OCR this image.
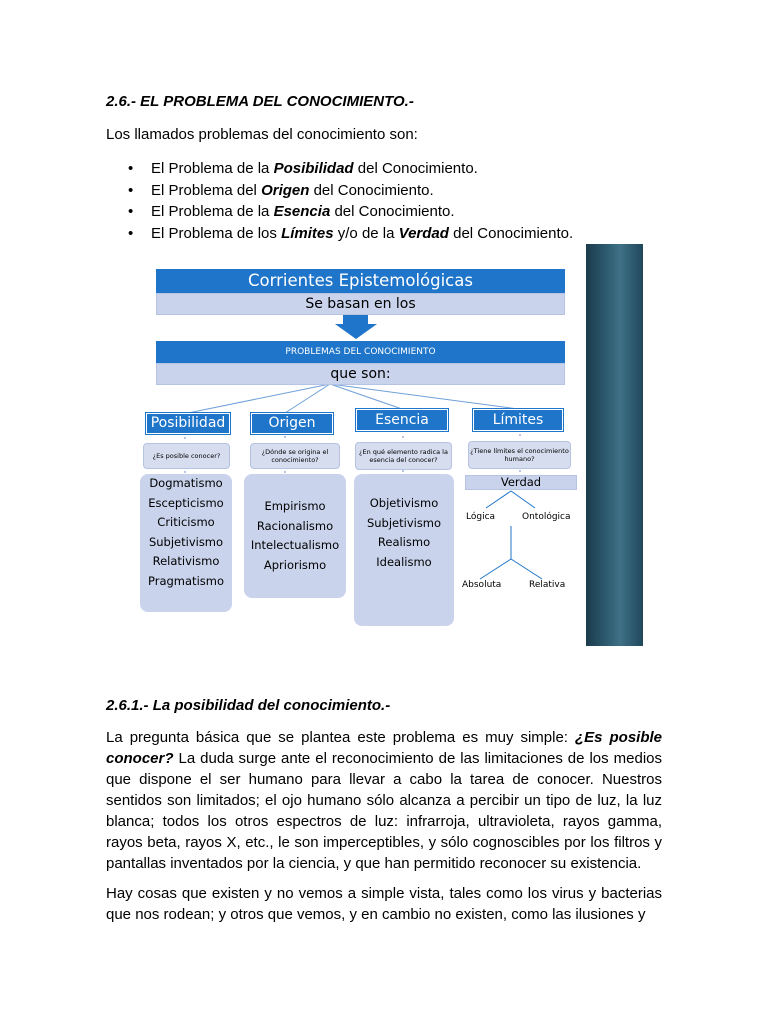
2.6.- EL PROBLEMA DEL CONOCIMIENTO.-
Los llamados problemas del conocimiento son:
• El Problema de la Posibilidad del Conocimiento.
• El Problema del Origen del Conocimiento.
• El Problema de la Esencia del Conocimiento.
• El Problema de los Límites y/o de la Verdad del Conocimiento.
Corrientes Epistemológicas
Se basan en los
PROBLEMAS DEL CONOCIMIENTO
que son:
Posibilidad	Origen	Esencia	Límites
¿Es posible conocer?	¿Dónde se origina el conocimiento?
¿En qué elemento radica la esencia del conocer?
¿Tiene límites el conocimiento humano?
Dogmatismo
Escepticismo
Criticismo
Subjetivismo
Relativismo
Pragmatismo
Empirismo
Racionalismo
Intelectualismo
Apriorismo
Objetivismo
Subjetivismo
Realismo
Idealismo
Verdad
Lógica	Ontológica
Absoluta	Relativa
2.6.1.- La posibilidad del conocimiento.-
La pregunta básica que se plantea este problema es muy simple: ¿Es posible conocer? La duda surge ante el reconocimiento de las limitaciones de los medios que dispone el ser humano para llevar a cabo la tarea de conocer. Nuestros sentidos son limitados; el ojo humano sólo alcanza a percibir un tipo de luz, la luz blanca; todos los otros espectros de luz: infrarroja, ultravioleta, rayos gamma, rayos beta, rayos X, etc., le son imperceptibles, y sólo cognoscibles por los filtros y pantallas inventados por la ciencia, y que han permitido reconocer su existencia.
Hay cosas que existen y no vemos a simple vista, tales como los virus y bacterias que nos rodean; y otros que vemos, y en cambio no existen, como las ilusiones y
